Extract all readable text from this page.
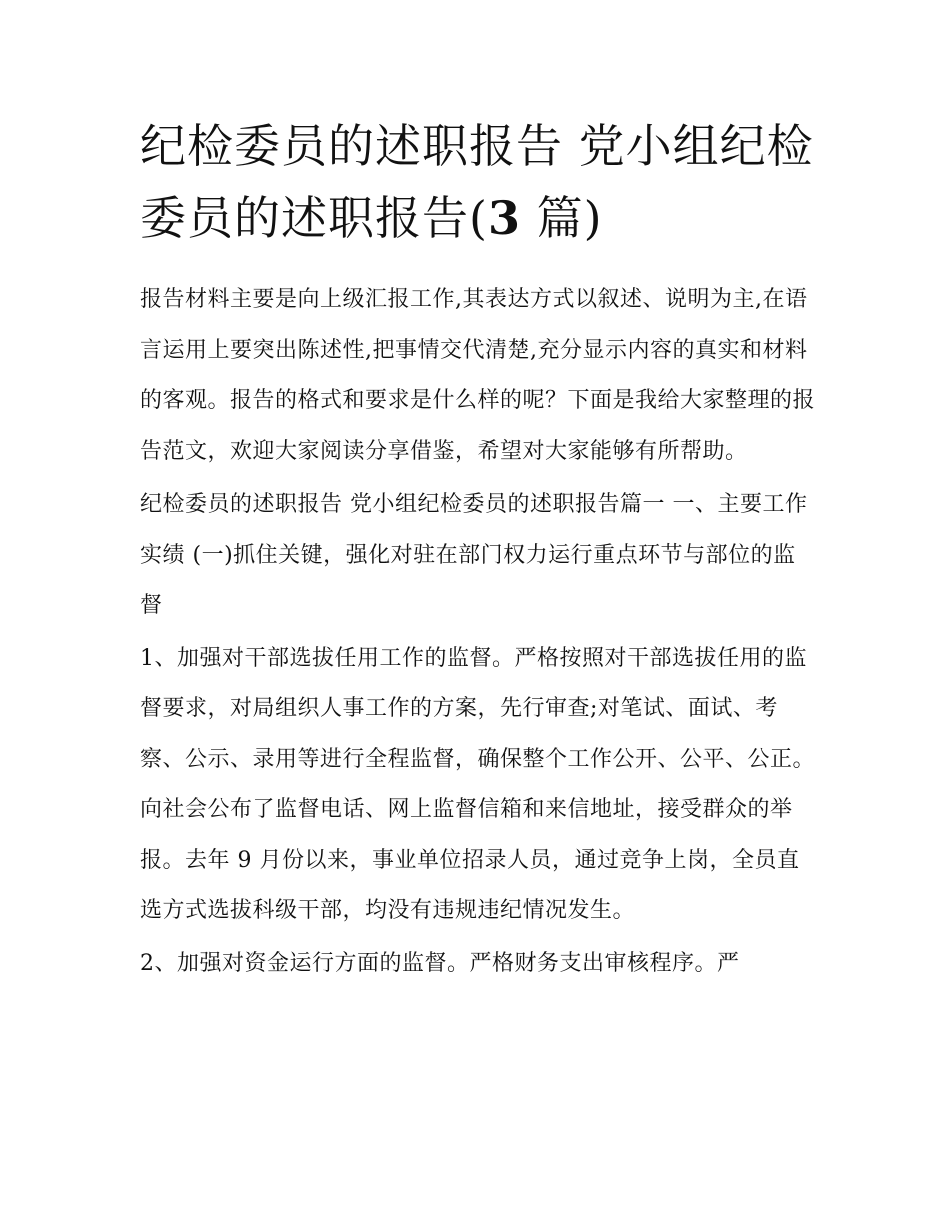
纪检委员的述职报告 党小组纪检委员的述职报告(3 篇)

报告材料主要是向上级汇报工作,其表达方式以叙述、说明为主,在语言运用上要突出陈述性,把事情交代清楚,充分显示内容的真实和材料的客观。报告的格式和要求是什么样的呢？下面是我给大家整理的报告范文，欢迎大家阅读分享借鉴，希望对大家能够有所帮助。

纪检委员的述职报告 党小组纪检委员的述职报告篇一 一、主要工作实绩 (一)抓住关键，强化对驻在部门权力运行重点环节与部位的监督

1、加强对干部选拔任用工作的监督。严格按照对干部选拔任用的监督要求，对局组织人事工作的方案，先行审查;对笔试、面试、考察、公示、录用等进行全程监督，确保整个工作公开、公平、公正。向社会公布了监督电话、网上监督信箱和来信地址，接受群众的举报。去年 9 月份以来，事业单位招录人员，通过竞争上岗，全员直选方式选拔科级干部，均没有违规违纪情况发生。

2、加强对资金运行方面的监督。严格财务支出审核程序。严
